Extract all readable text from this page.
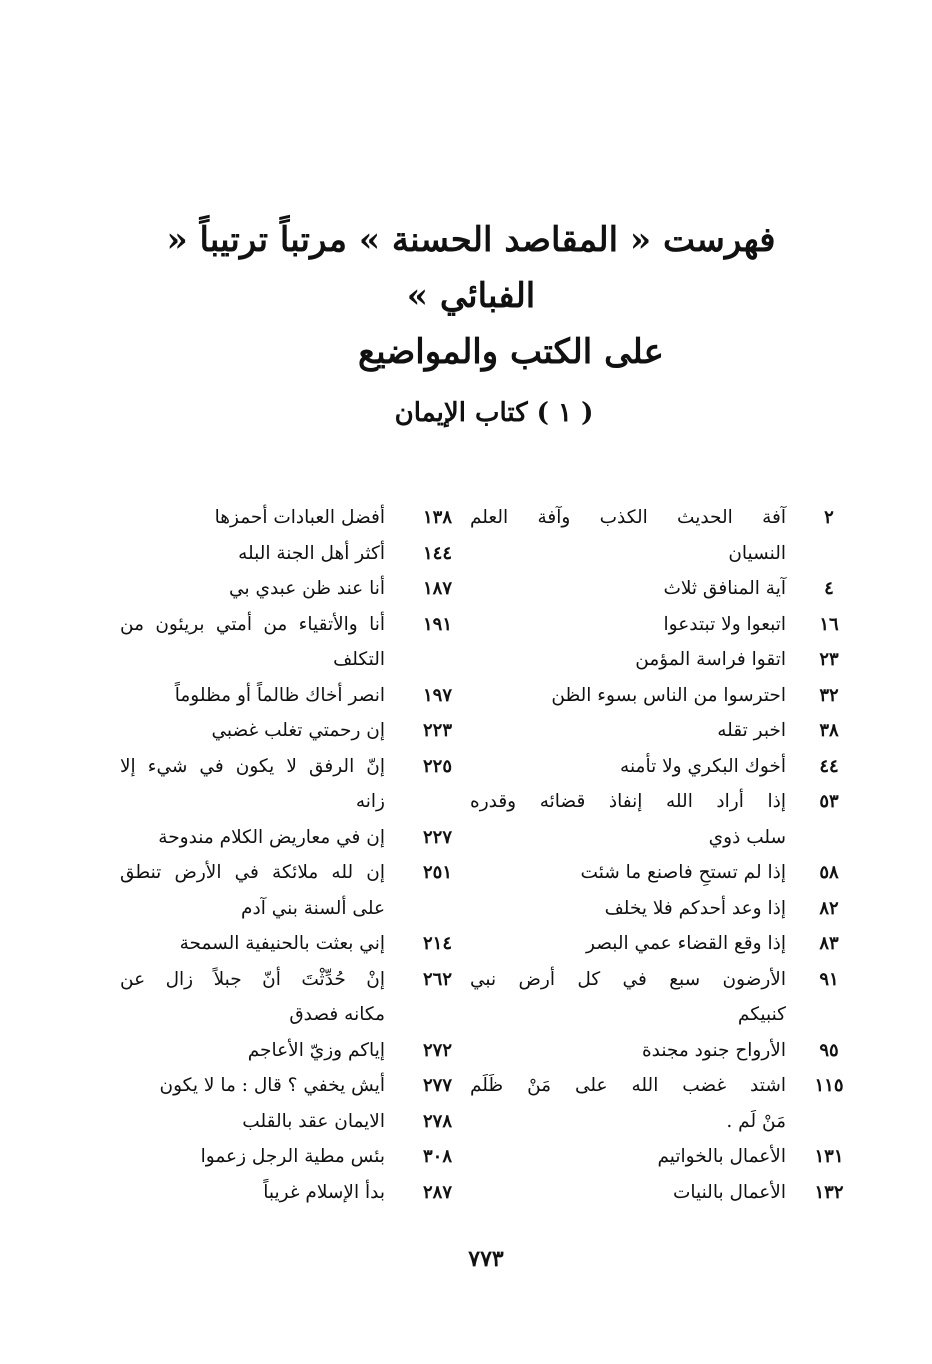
فهرست « المقاصد الحسنة » مرتباً ترتيباً « الفبائي »
على الكتب والمواضيع
( ١ ) كتاب الإيمان
٢
آفة الحديث الكذب وآفة العلم
النسيان
٤
آية المنافق ثلاث
١٦
اتبعوا ولا تبتدعوا
٢٣
اتقوا فراسة المؤمن
٣٢
احترسوا من الناس بسوء الظن
٣٨
اخبر تقله
٤٤
أخوك البكري ولا تأمنه
٥٣
إذا أراد الله إنفاذ قضائه وقدره
سلب ذوي
٥٨
إذا لم تستحِ فاصنع ما شئت
٨٢
إذا وعد أحدكم فلا يخلف
٨٣
إذا وقع القضاء عمي البصر
٩١
الأرضون سبع في كل أرض نبي
كنبيكم
٩٥
الأرواح جنود مجندة
١١٥
اشتد غضب الله على مَنْ ظَلَم
مَنْ لَم .
١٣١
الأعمال بالخواتيم
١٣٢
الأعمال بالنيات
١٣٨
أفضل العبادات أحمزها
١٤٤
أكثر أهل الجنة البله
١٨٧
أنا عند ظن عبدي بي
١٩١
أنا والأتقياء من أمتي بريئون من
التكلف
١٩٧
انصر أخاك ظالماً أو مظلوماً
٢٢٣
إن رحمتي تغلب غضبي
٢٢٥
إنّ الرفق لا يكون في شيء إلا
زانه
٢٢٧
إن في معاريض الكلام مندوحة
٢٥١
إن لله ملائكة في الأرض تنطق
على ألسنة بني آدم
٢١٤
إني بعثت بالحنيفية السمحة
٢٦٢
إنْ حُدِّثْتَ أنّ جبلاً زال عن
مكانه فصدق
٢٧٢
إياكم وزيّ الأعاجم
٢٧٧
أيش يخفي ؟ قال : ما لا يكون
٢٧٨
الايمان عقد بالقلب
٣٠٨
بئس مطية الرجل زعموا
٢٨٧
بدأ الإسلام غريباً
٧٧٣
